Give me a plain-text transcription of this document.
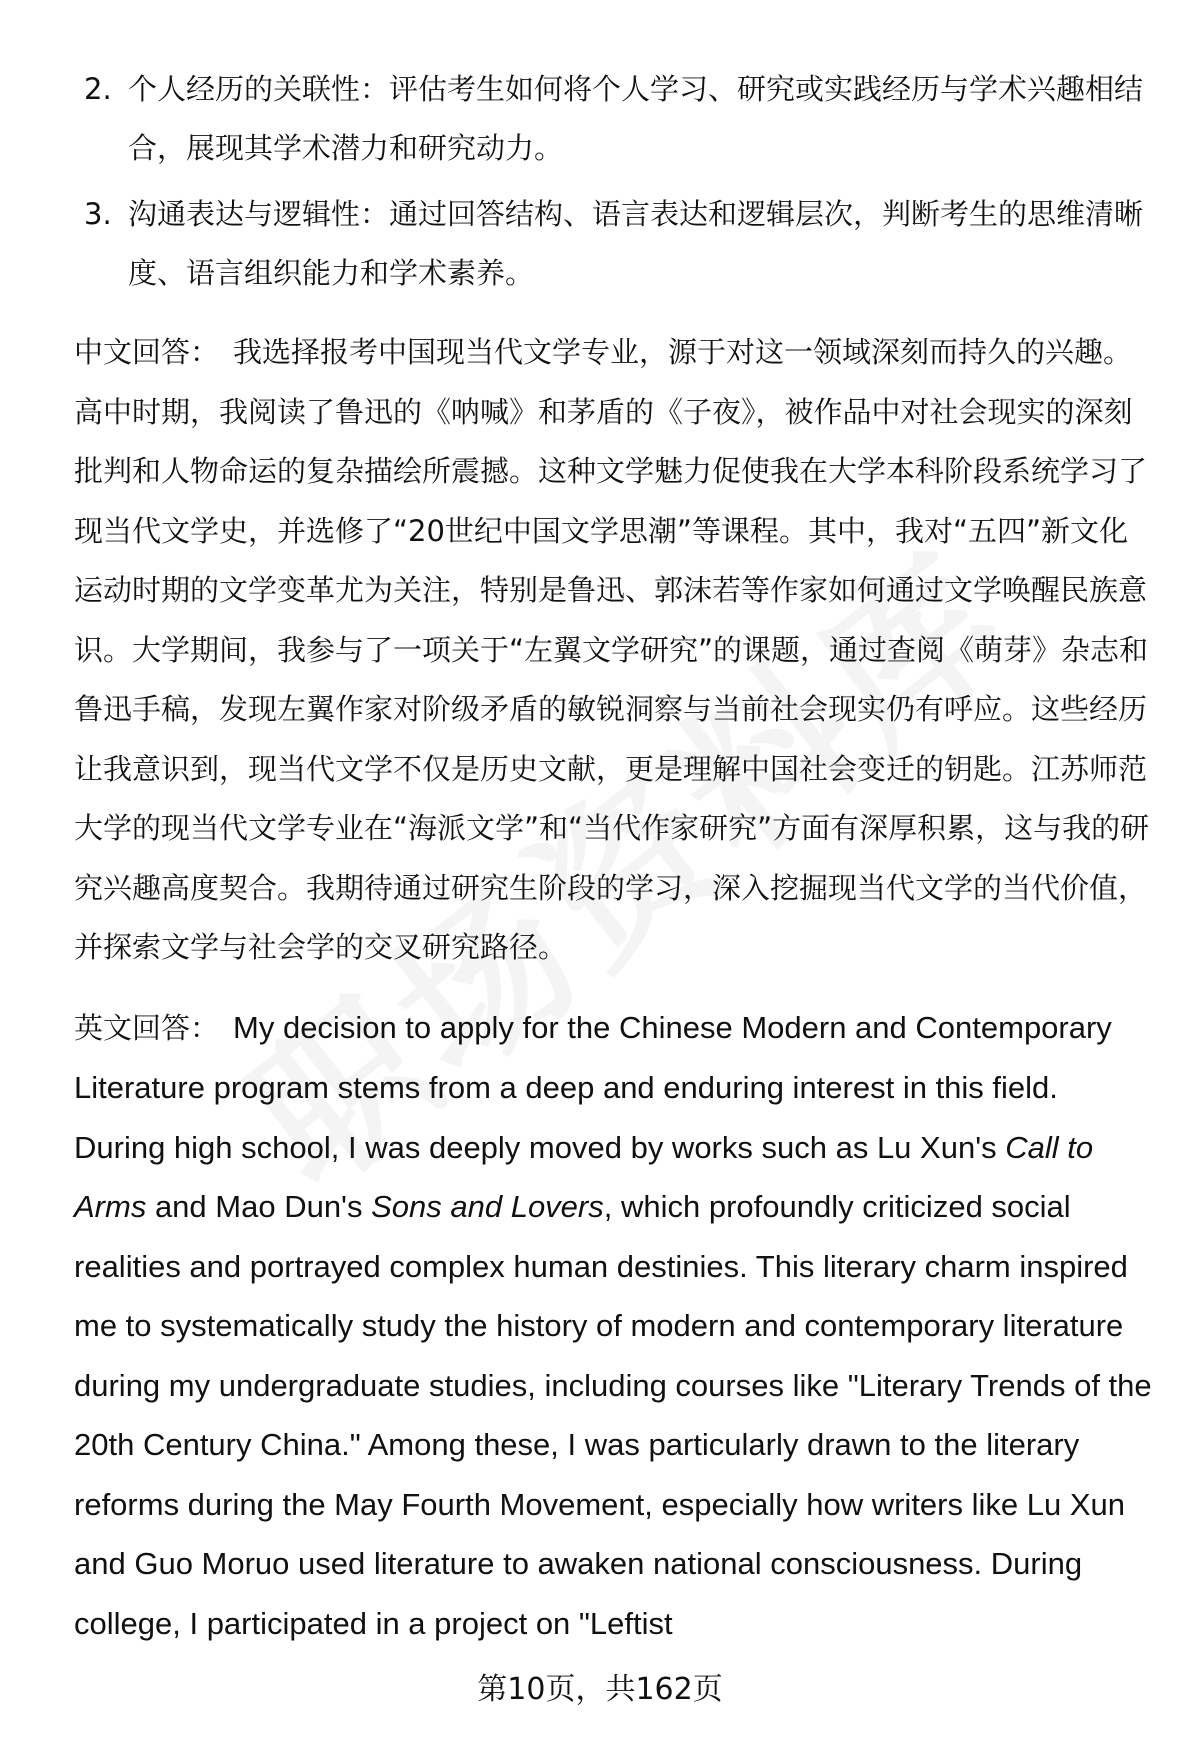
2. 个人经历的关联性：评估考生如何将个人学习、研究或实践经历与学术兴趣相结合，展现其学术潜力和研究动力。
3. 沟通表达与逻辑性：通过回答结构、语言表达和逻辑层次，判断考生的思维清晰度、语言组织能力和学术素养。

中文回答： 我选择报考中国现当代文学专业，源于对这一领域深刻而持久的兴趣。高中时期，我阅读了鲁迅的《呐喊》和茅盾的《子夜》，被作品中对社会现实的深刻批判和人物命运的复杂描绘所震撼。这种文学魅力促使我在大学本科阶段系统学习了现当代文学史，并选修了“20世纪中国文学思潮”等课程。其中，我对“五四”新文化运动时期的文学变革尤为关注，特别是鲁迅、郭沫若等作家如何通过文学唤醒民族意识。大学期间，我参与了一项关于“左翼文学研究”的课题，通过查阅《萌芽》杂志和鲁迅手稿，发现左翼作家对阶级矛盾的敏锐洞察与当前社会现实仍有呼应。这些经历让我意识到，现当代文学不仅是历史文献，更是理解中国社会变迁的钥匙。江苏师范大学的现当代文学专业在“海派文学”和“当代作家研究”方面有深厚积累，这与我的研究兴趣高度契合。我期待通过研究生阶段的学习，深入挖掘现当代文学的当代价值，并探索文学与社会学的交叉研究路径。

英文回答： My decision to apply for the Chinese Modern and Contemporary Literature program stems from a deep and enduring interest in this field. During high school, I was deeply moved by works such as Lu Xun's Call to Arms and Mao Dun's Sons and Lovers, which profoundly criticized social realities and portrayed complex human destinies. This literary charm inspired me to systematically study the history of modern and contemporary literature during my undergraduate studies, including courses like "Literary Trends of the 20th Century China." Among these, I was particularly drawn to the literary reforms during the May Fourth Movement, especially how writers like Lu Xun and Guo Moruo used literature to awaken national consciousness. During college, I participated in a project on "Leftist

第10页，共162页
